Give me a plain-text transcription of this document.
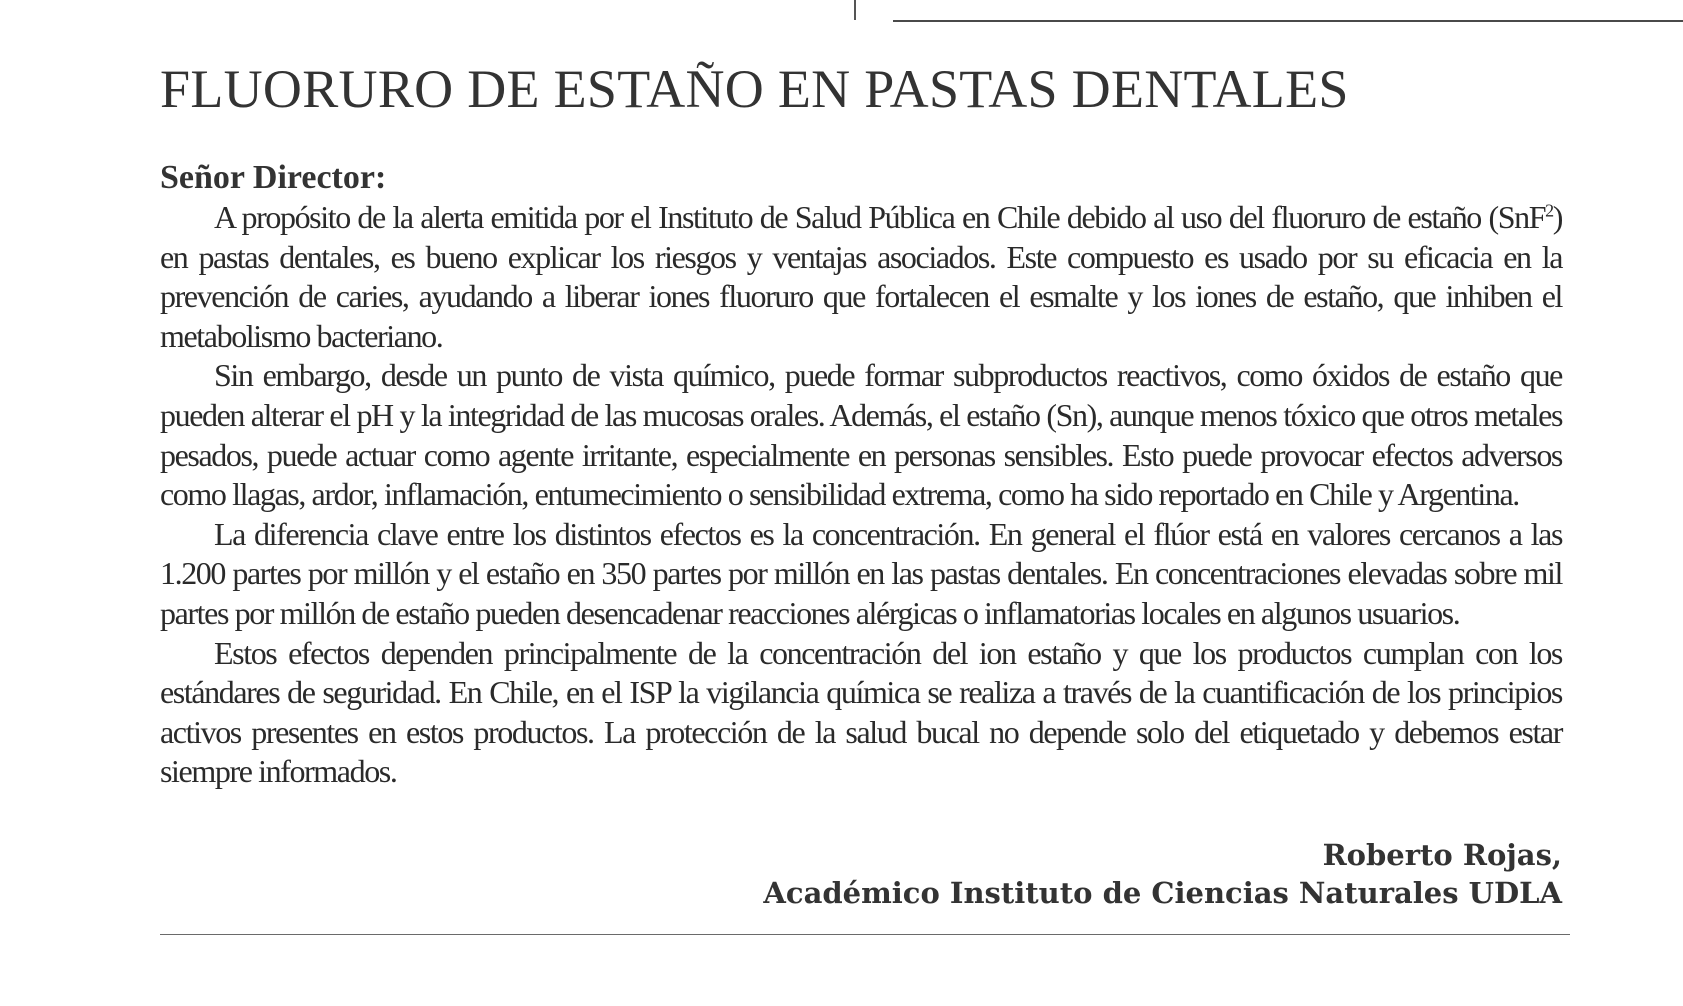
FLUORURO DE ESTAÑO EN PASTAS DENTALES

Señor Director:

A propósito de la alerta emitida por el Instituto de Salud Pública en Chile debido al uso del fluoruro de estaño (SnF$^2$) en pastas dentales, es bueno explicar los riesgos y ventajas asociados. Este compuesto es usado por su eficacia en la prevención de caries, ayudando a liberar iones fluoruro que fortalecen el esmalte y los iones de estaño, que inhiben el metabolismo bacteriano.

Sin embargo, desde un punto de vista químico, puede formar subproductos reactivos, como óxidos de estaño que pueden alterar el pH y la integridad de las mucosas orales. Además, el estaño (Sn), aunque menos tóxico que otros metales pesados, puede actuar como agente irritante, especialmente en personas sensibles. Esto puede provocar efectos adversos como llagas, ardor, inflamación, entumecimiento o sensibilidad extrema, como ha sido reportado en Chile y Argentina.

La diferencia clave entre los distintos efectos es la concentración. En general el flúor está en valores cercanos a las 1.200 partes por millón y el estaño en 350 partes por millón en las pastas dentales. En concentraciones elevadas sobre mil partes por millón de estaño pueden desencadenar reacciones alérgicas o inflamatorias locales en algunos usuarios.

Estos efectos dependen principalmente de la concentración del ion estaño y que los productos cumplan con los estándares de seguridad. En Chile, en el ISP la vigilancia química se realiza a través de la cuantificación de los principios activos presentes en estos productos. La protección de la salud bucal no depende solo del etiquetado y debemos estar siempre informados.

Roberto Rojas,
Académico Instituto de Ciencias Naturales UDLA
